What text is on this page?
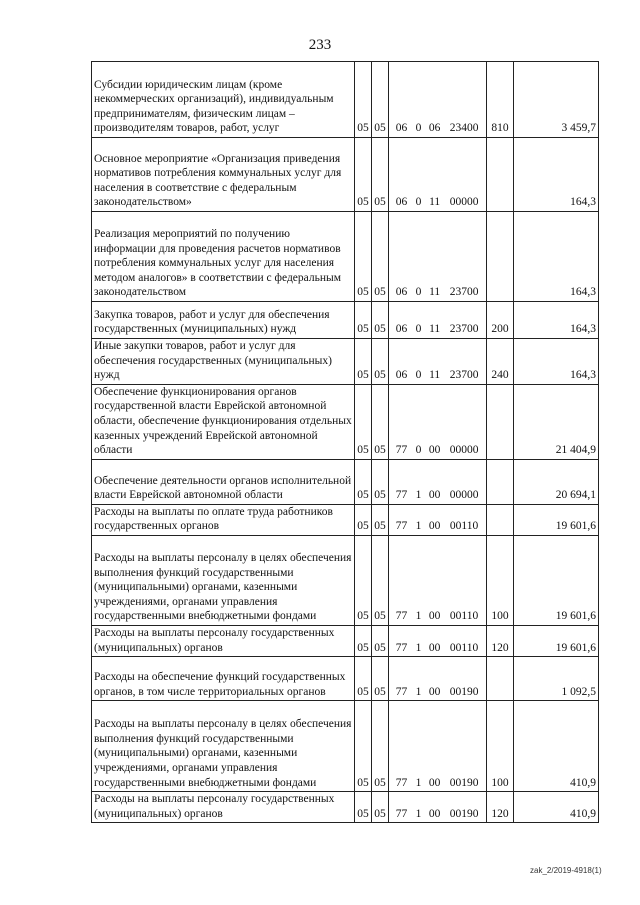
233
Субсидии юридическим лицам (кроме некоммерческих организаций), индивидуальным предпринимателям, физическим лицам – производителям товаров, работ, услуг	05	05	06 0 06 23400	810	3 459,7
Основное мероприятие «Организация приведения нормативов потребления коммунальных услуг для населения в соответствие с федеральным законодательством»	05	05	06 0 11 00000		164,3
Реализация мероприятий по получению информации для проведения расчетов нормативов потребления коммунальных услуг для населения методом аналогов» в соответствии с федеральным законодательством	05	05	06 0 11 23700		164,3
Закупка товаров, работ и услуг для обеспечения государственных (муниципальных) нужд	05	05	06 0 11 23700	200	164,3
Иные закупки товаров, работ и услуг для обеспечения государственных (муниципальных) нужд	05	05	06 0 11 23700	240	164,3
Обеспечение функционирования органов государственной власти Еврейской автономной области, обеспечение функционирования отдельных казенных учреждений Еврейской автономной области	05	05	77 0 00 00000		21 404,9
Обеспечение деятельности органов исполнительной власти Еврейской автономной области	05	05	77 1 00 00000		20 694,1
Расходы на выплаты по оплате труда работников государственных органов	05	05	77 1 00 00110		19 601,6
Расходы на выплаты персоналу в целях обеспечения выполнения функций государственными (муниципальными) органами, казенными учреждениями, органами управления государственными внебюджетными фондами	05	05	77 1 00 00110	100	19 601,6
Расходы на выплаты персоналу государственных (муниципальных) органов	05	05	77 1 00 00110	120	19 601,6
Расходы на обеспечение функций государственных органов, в том числе территориальных органов	05	05	77 1 00 00190		1 092,5
Расходы на выплаты персоналу в целях обеспечения выполнения функций государственными (муниципальными) органами, казенными учреждениями, органами управления государственными внебюджетными фондами	05	05	77 1 00 00190	100	410,9
Расходы на выплаты персоналу государственных (муниципальных) органов	05	05	77 1 00 00190	120	410,9
zak_2/2019-4918(1)
